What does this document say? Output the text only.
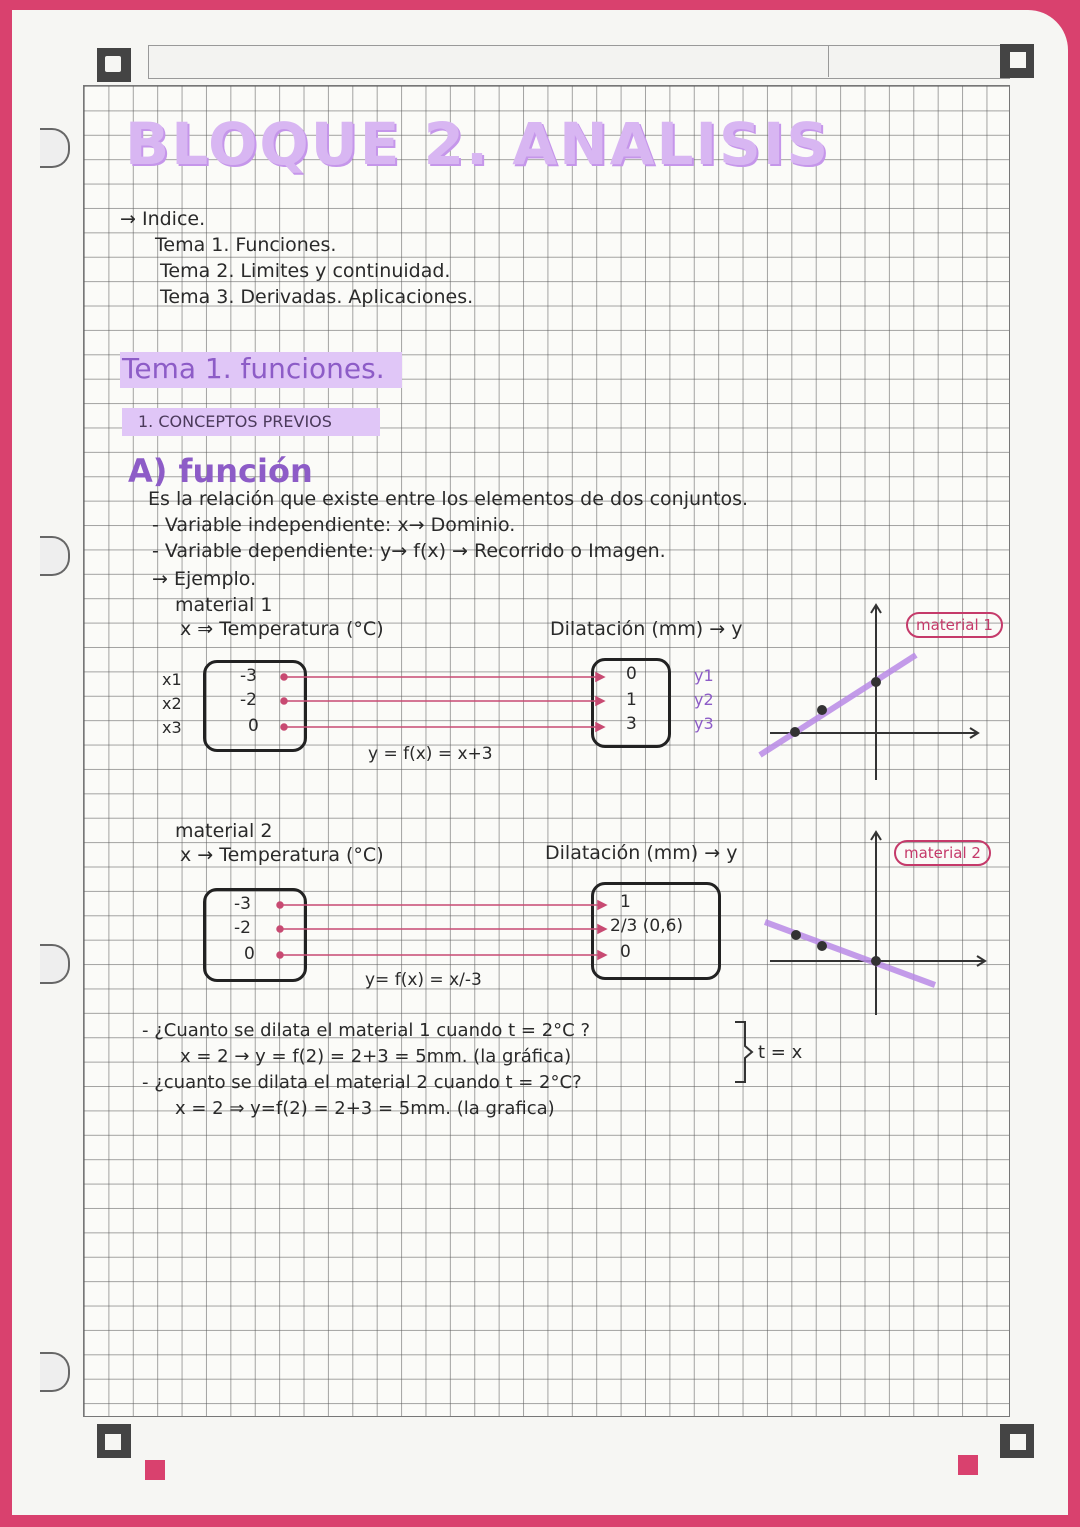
BLOQUE 2. ANALISIS
→ Indice.
Tema 1. Funciones.
Tema 2. Limites y continuidad.
Tema 3. Derivadas. Aplicaciones.
Tema 1. funciones.
1. CONCEPTOS PREVIOS
A) función
Es la relación que existe entre los elementos de dos conjuntos.
- Variable independiente: x→ Dominio.
- Variable dependiente: y→ f(x) → Recorrido o Imagen.
→ Ejemplo.
material 1
x ⇒ Temperatura (°C)	Dilatación (mm) → y
x1
x2
x3
-3
-2
0
0
1
3
y1
y2
y3
y = f(x) = x+3
material 1
material 2
x → Temperatura (°C)	Dilatación (mm) → y
-3
-2
0
1
2/3 (0,6)
0
y= f(x) = x/-3
material 2
- ¿Cuanto se dilata el material 1 cuando t = 2°C ?
x = 2 → y = f(2) = 2+3 = 5mm. (la gráfica)
- ¿cuanto se dilata el material 2 cuando t = 2°C?
x = 2 ⇒ y=f(2) = 2+3 = 5mm. (la grafica)
t = x
